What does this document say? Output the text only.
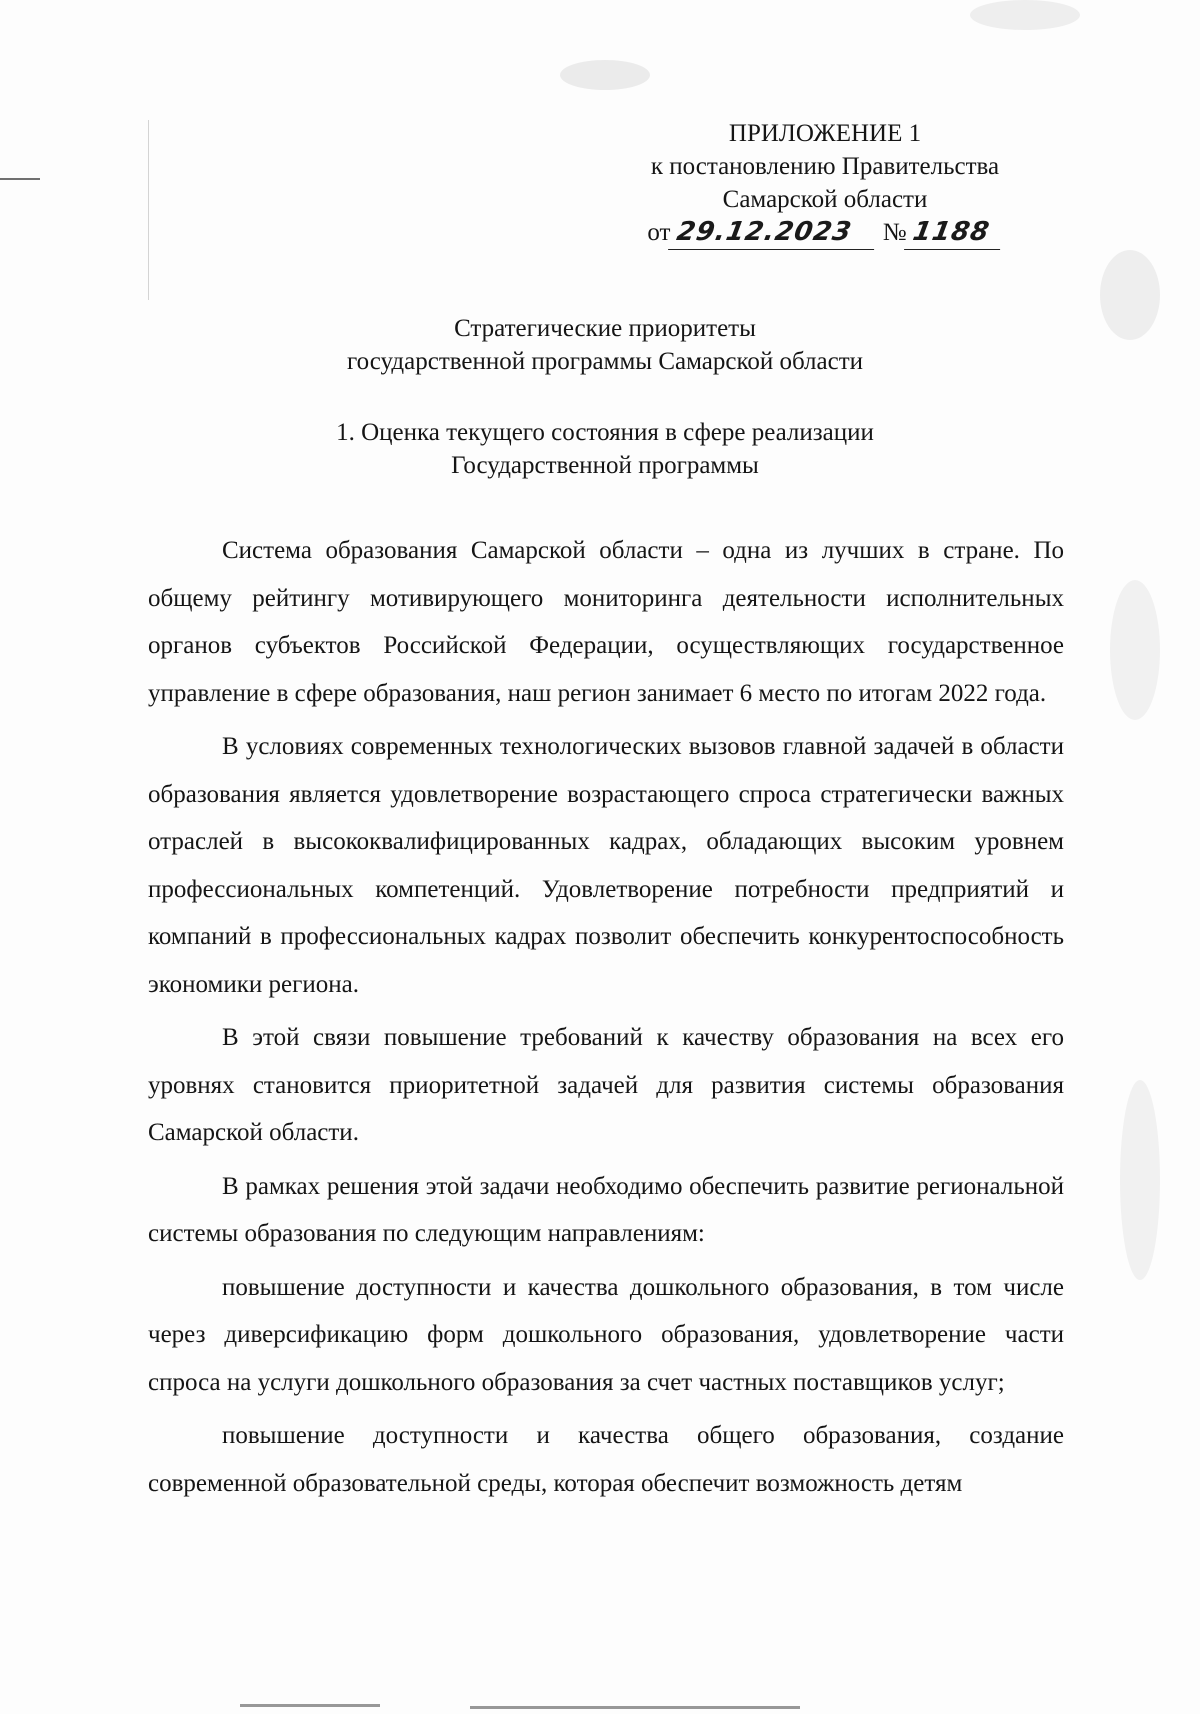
ПРИЛОЖЕНИЕ 1
к постановлению Правительства
Самарской области
от 29.12.2023 № 1188
Стратегические приоритеты
государственной программы Самарской области
1. Оценка текущего состояния в сфере реализации
Государственной программы

Система образования Самарской области – одна из лучших в стране. По общему рейтингу мотивирующего мониторинга деятельности исполнительных органов субъектов Российской Федерации, осуществляющих государственное управление в сфере образования, наш регион занимает 6 место по итогам 2022 года.

В условиях современных технологических вызовов главной задачей в области образования является удовлетворение возрастающего спроса стратегически важных отраслей в высококвалифицированных кадрах, обладающих высоким уровнем профессиональных компетенций. Удовлетворение потребности предприятий и компаний в профессиональных кадрах позволит обеспечить конкурентоспособность экономики региона.

В этой связи повышение требований к качеству образования на всех его уровнях становится приоритетной задачей для развития системы образования Самарской области.

В рамках решения этой задачи необходимо обеспечить развитие региональной системы образования по следующим направлениям:

повышение доступности и качества дошкольного образования, в том числе через диверсификацию форм дошкольного образования, удовлетворение части спроса на услуги дошкольного образования за счет частных поставщиков услуг;

повышение доступности и качества общего образования, создание современной образовательной среды, которая обеспечит возможность детям
